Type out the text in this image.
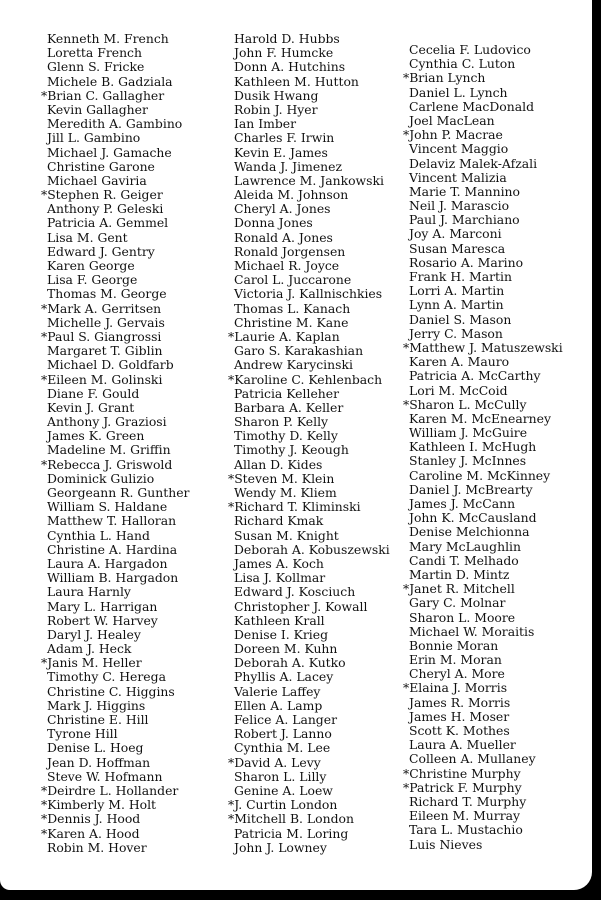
Kenneth M. French
Loretta French
Glenn S. Fricke
Michele B. Gadziala
*Brian C. Gallagher
Kevin Gallagher
Meredith A. Gambino
Jill L. Gambino
Michael J. Gamache
Christine Garone
Michael Gaviria
*Stephen R. Geiger
Anthony P. Geleski
Patricia A. Gemmel
Lisa M. Gent
Edward J. Gentry
Karen George
Lisa F. George
Thomas M. George
*Mark A. Gerritsen
Michelle J. Gervais
*Paul S. Giangrossi
Margaret T. Giblin
Michael D. Goldfarb
*Eileen M. Golinski
Diane F. Gould
Kevin J. Grant
Anthony J. Graziosi
James K. Green
Madeline M. Griffin
*Rebecca J. Griswold
Dominick Gulizio
Georgeann R. Gunther
William S. Haldane
Matthew T. Halloran
Cynthia L. Hand
Christine A. Hardina
Laura A. Hargadon
William B. Hargadon
Laura Harnly
Mary L. Harrigan
Robert W. Harvey
Daryl J. Healey
Adam J. Heck
*Janis M. Heller
Timothy C. Herega
Christine C. Higgins
Mark J. Higgins
Christine E. Hill
Tyrone Hill
Denise L. Hoeg
Jean D. Hoffman
Steve W. Hofmann
*Deirdre L. Hollander
*Kimberly M. Holt
*Dennis J. Hood
*Karen A. Hood
Robin M. Hover
Harold D. Hubbs
John F. Humcke
Donn A. Hutchins
Kathleen M. Hutton
Dusik Hwang
Robin J. Hyer
Ian Imber
Charles F. Irwin
Kevin E. James
Wanda J. Jimenez
Lawrence M. Jankowski
Aleida M. Johnson
Cheryl A. Jones
Donna Jones
Ronald A. Jones
Ronald Jorgensen
Michael R. Joyce
Carol L. Juccarone
Victoria J. Kallnischkies
Thomas L. Kanach
Christine M. Kane
*Laurie A. Kaplan
Garo S. Karakashian
Andrew Karycinski
*Karoline C. Kehlenbach
Patricia Kelleher
Barbara A. Keller
Sharon P. Kelly
Timothy D. Kelly
Timothy J. Keough
Allan D. Kides
*Steven M. Klein
Wendy M. Kliem
*Richard T. Kliminski
Richard Kmak
Susan M. Knight
Deborah A. Kobuszewski
James A. Koch
Lisa J. Kollmar
Edward J. Kosciuch
Christopher J. Kowall
Kathleen Krall
Denise I. Krieg
Doreen M. Kuhn
Deborah A. Kutko
Phyllis A. Lacey
Valerie Laffey
Ellen A. Lamp
Felice A. Langer
Robert J. Lanno
Cynthia M. Lee
*David A. Levy
Sharon L. Lilly
Genine A. Loew
*J. Curtin London
*Mitchell B. London
Patricia M. Loring
John J. Lowney
Cecelia F. Ludovico
Cynthia C. Luton
*Brian Lynch
Daniel L. Lynch
Carlene MacDonald
Joel MacLean
*John P. Macrae
Vincent Maggio
Delaviz Malek-Afzali
Vincent Malizia
Marie T. Mannino
Neil J. Marascio
Paul J. Marchiano
Joy A. Marconi
Susan Maresca
Rosario A. Marino
Frank H. Martin
Lorri A. Martin
Lynn A. Martin
Daniel S. Mason
Jerry C. Mason
*Matthew J. Matuszewski
Karen A. Mauro
Patricia A. McCarthy
Lori M. McCoid
*Sharon L. McCully
Karen M. McEnearney
William J. McGuire
Kathleen I. McHugh
Stanley J. McInnes
Caroline M. McKinney
Daniel J. McBrearty
James J. McCann
John K. McCausland
Denise Melchionna
Mary McLaughlin
Candi T. Melhado
Martin D. Mintz
*Janet R. Mitchell
Gary C. Molnar
Sharon L. Moore
Michael W. Moraitis
Bonnie Moran
Erin M. Moran
Cheryl A. More
*Elaina J. Morris
James R. Morris
James H. Moser
Scott K. Mothes
Laura A. Mueller
Colleen A. Mullaney
*Christine Murphy
*Patrick F. Murphy
Richard T. Murphy
Eileen M. Murray
Tara L. Mustachio
Luis Nieves
